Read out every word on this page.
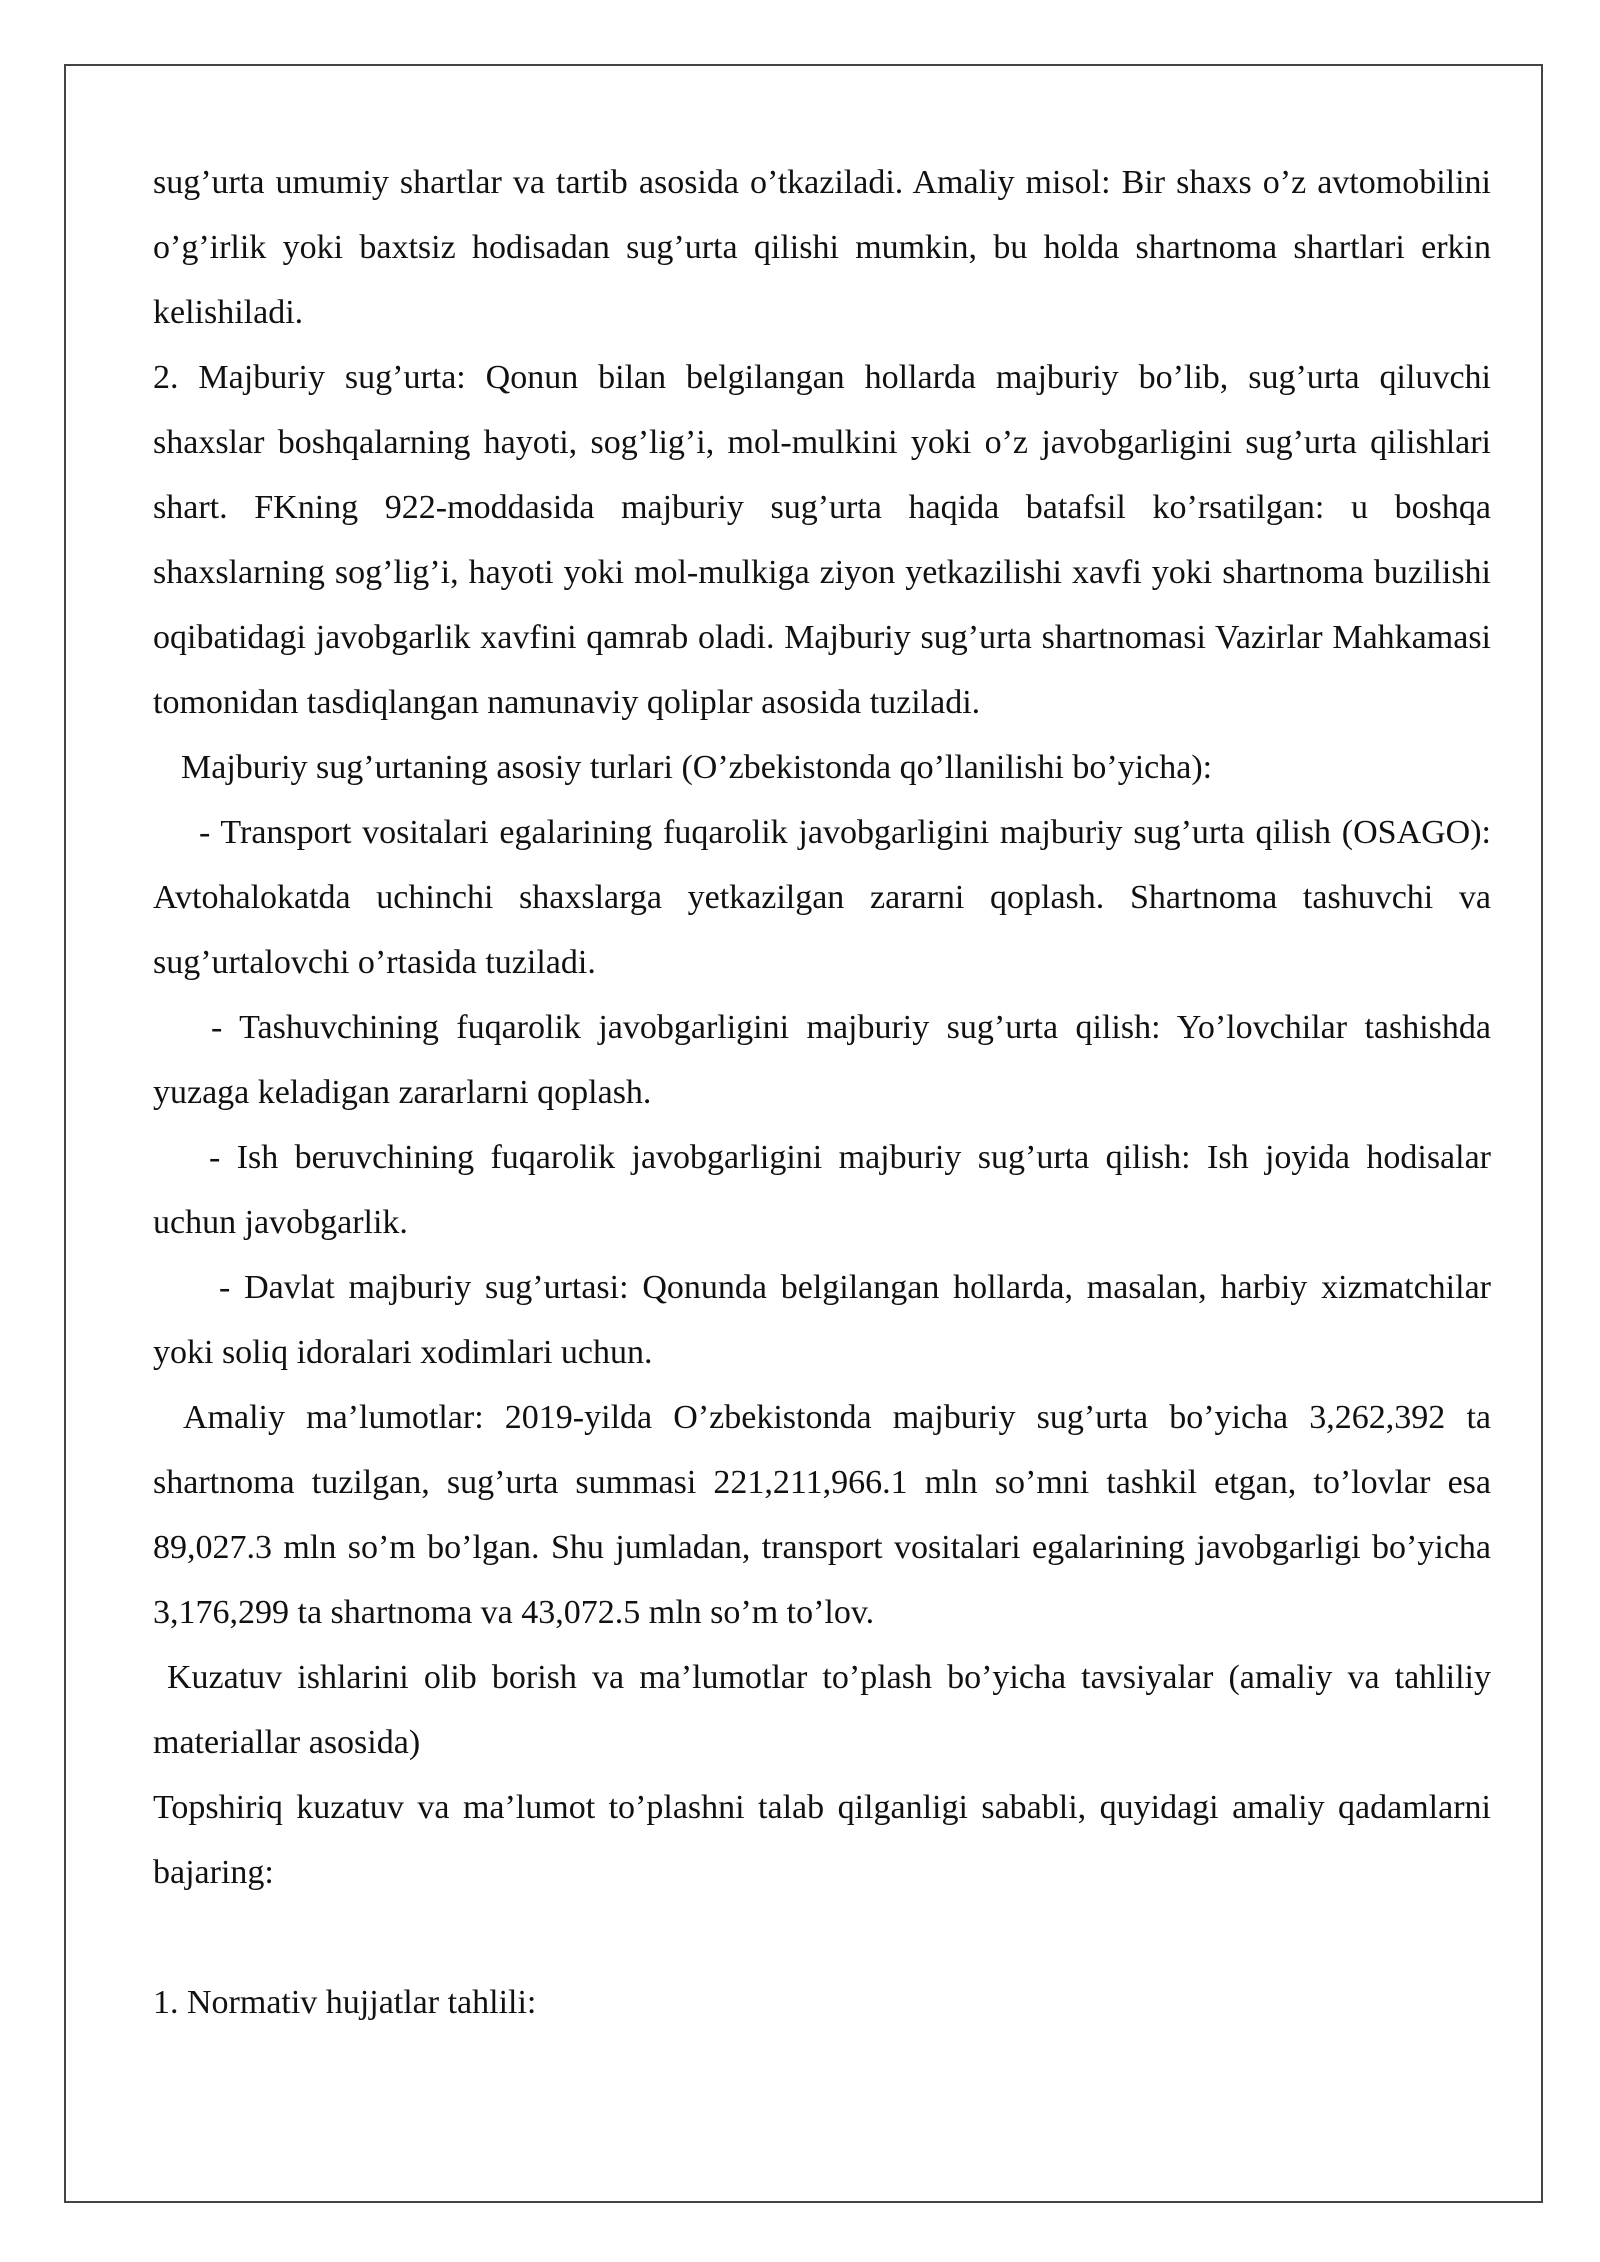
sug’urta umumiy shartlar va tartib asosida o’tkaziladi. Amaliy misol: Bir shaxs o’z avtomobilini o’g’irlik yoki baxtsiz hodisadan sug’urta qilishi mumkin, bu holda shartnoma shartlari erkin kelishiladi.

2. Majburiy sug’urta: Qonun bilan belgilangan hollarda majburiy bo’lib, sug’urta qiluvchi shaxslar boshqalarning hayoti, sog’lig’i, mol-mulkini yoki o’z javobgarligini sug’urta qilishlari shart. FKning 922-moddasida majburiy sug’urta haqida batafsil ko’rsatilgan: u boshqa shaxslarning sog’lig’i, hayoti yoki mol-mulkiga ziyon yetkazilishi xavfi yoki shartnoma buzilishi oqibatidagi javobgarlik xavfini qamrab oladi. Majburiy sug’urta shartnomasi Vazirlar Mahkamasi tomonidan tasdiqlangan namunaviy qoliplar asosida tuziladi.

Majburiy sug’urtaning asosiy turlari (O’zbekistonda qo’llanilishi bo’yicha):

- Transport vositalari egalarining fuqarolik javobgarligini majburiy sug’urta qilish (OSAGO): Avtohalokatda uchinchi shaxslarga yetkazilgan zararni qoplash. Shartnoma tashuvchi va sug’urtalovchi o’rtasida tuziladi.

- Tashuvchining fuqarolik javobgarligini majburiy sug’urta qilish: Yo’lovchilar tashishda yuzaga keladigan zararlarni qoplash.

- Ish beruvchining fuqarolik javobgarligini majburiy sug’urta qilish: Ish joyida hodisalar uchun javobgarlik.

- Davlat majburiy sug’urtasi: Qonunda belgilangan hollarda, masalan, harbiy xizmatchilar yoki soliq idoralari xodimlari uchun.

Amaliy ma’lumotlar: 2019-yilda O’zbekistonda majburiy sug’urta bo’yicha 3,262,392 ta shartnoma tuzilgan, sug’urta summasi 221,211,966.1 mln so’mni tashkil etgan, to’lovlar esa 89,027.3 mln so’m bo’lgan. Shu jumladan, transport vositalari egalarining javobgarligi bo’yicha 3,176,299 ta shartnoma va 43,072.5 mln so’m to’lov.

Kuzatuv ishlarini olib borish va ma’lumotlar to’plash bo’yicha tavsiyalar (amaliy va tahliliy materiallar asosida)

Topshiriq kuzatuv va ma’lumot to’plashni talab qilganligi sababli, quyidagi amaliy qadamlarni bajaring:

1. Normativ hujjatlar tahlili:
